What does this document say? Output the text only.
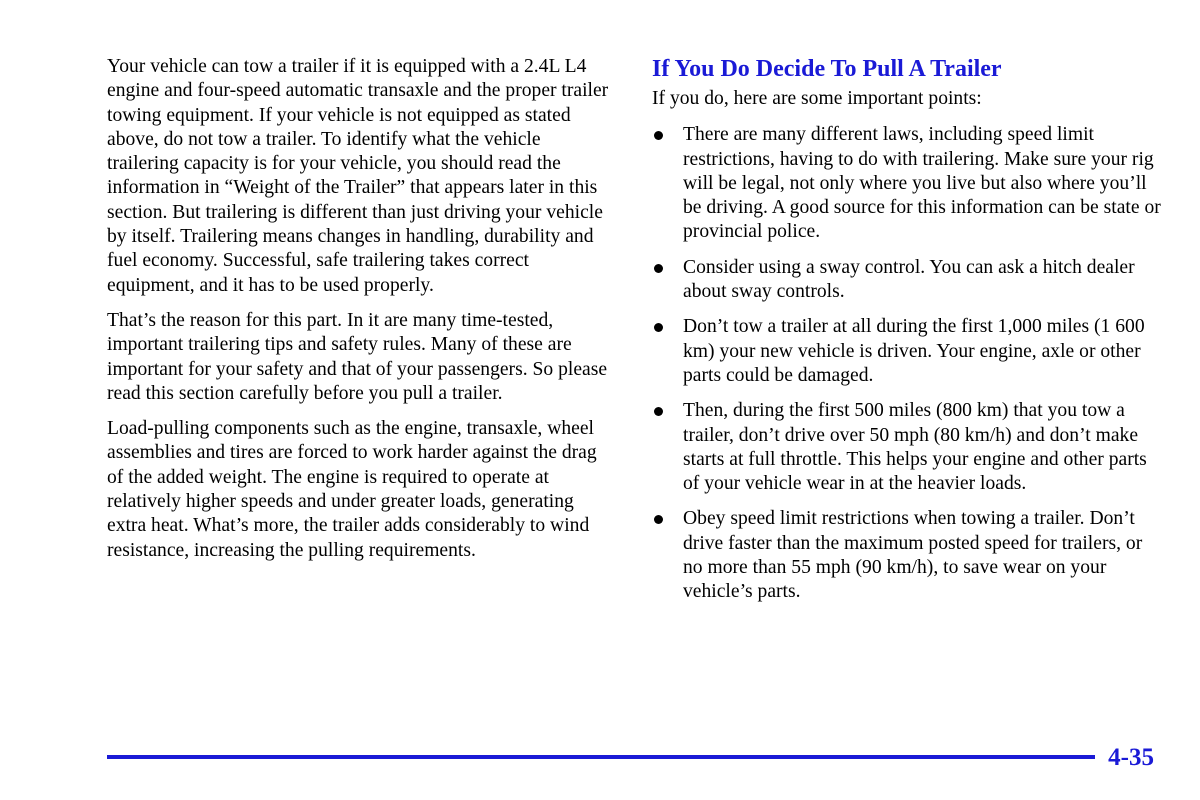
Your vehicle can tow a trailer if it is equipped with a 2.4L L4 engine and four-speed automatic transaxle and the proper trailer towing equipment. If your vehicle is not equipped as stated above, do not tow a trailer. To identify what the vehicle trailering capacity is for your vehicle, you should read the information in “Weight of the Trailer” that appears later in this section. But trailering is different than just driving your vehicle by itself. Trailering means changes in handling, durability and fuel economy. Successful, safe trailering takes correct equipment, and it has to be used properly.

That’s the reason for this part. In it are many time-tested, important trailering tips and safety rules. Many of these are important for your safety and that of your passengers. So please read this section carefully before you pull a trailer.

Load-pulling components such as the engine, transaxle, wheel assemblies and tires are forced to work harder against the drag of the added weight. The engine is required to operate at relatively higher speeds and under greater loads, generating extra heat. What’s more, the trailer adds considerably to wind resistance, increasing the pulling requirements.

If You Do Decide To Pull A Trailer

If you do, here are some important points:

There are many different laws, including speed limit restrictions, having to do with trailering. Make sure your rig will be legal, not only where you live but also where you’ll be driving. A good source for this information can be state or provincial police.

Consider using a sway control. You can ask a hitch dealer about sway controls.

Don’t tow a trailer at all during the first 1,000 miles (1 600 km) your new vehicle is driven. Your engine, axle or other parts could be damaged.

Then, during the first 500 miles (800 km) that you tow a trailer, don’t drive over 50 mph (80 km/h) and don’t make starts at full throttle. This helps your engine and other parts of your vehicle wear in at the heavier loads.

Obey speed limit restrictions when towing a trailer. Don’t drive faster than the maximum posted speed for trailers, or no more than 55 mph (90 km/h), to save wear on your vehicle’s parts.

4-35
